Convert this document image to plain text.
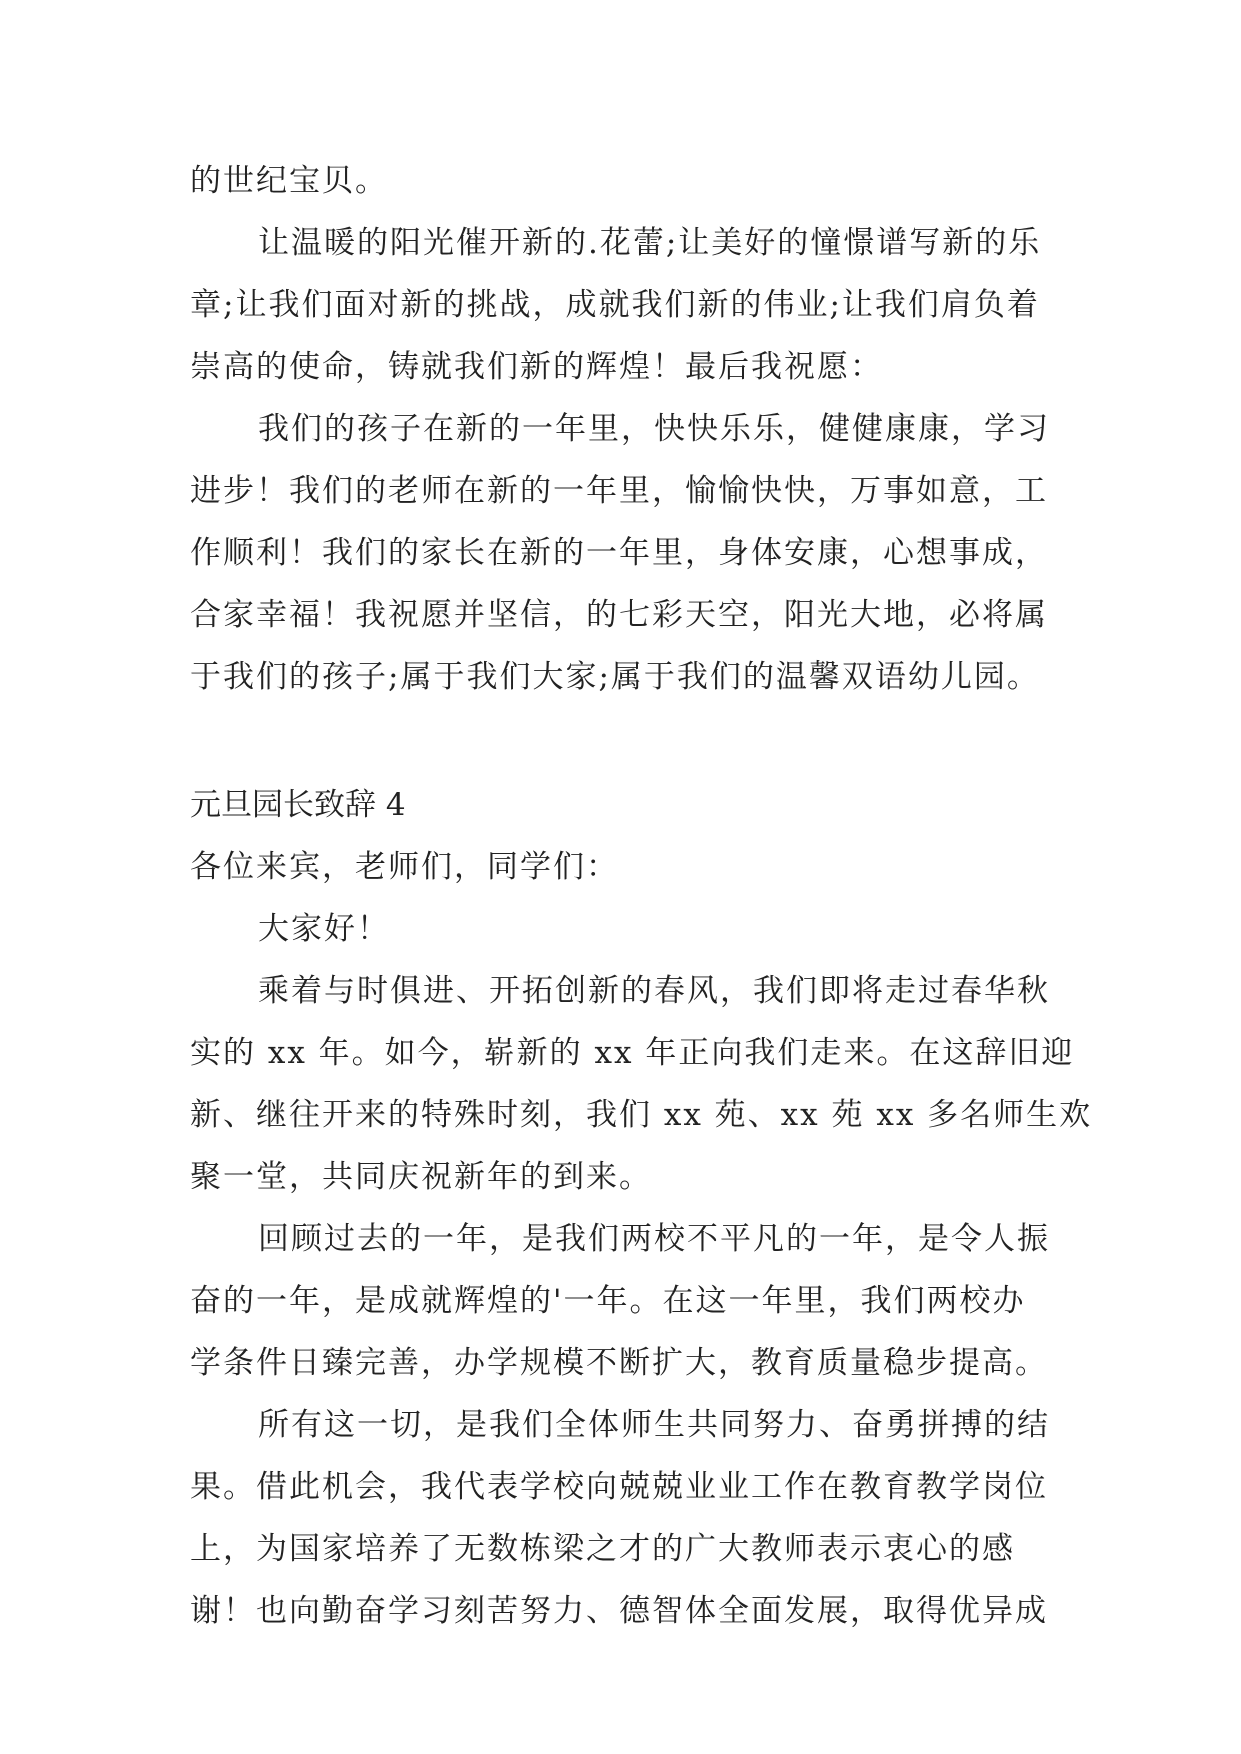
的世纪宝贝。
让温暖的阳光催开新的.花蕾;让美好的憧憬谱写新的乐
章;让我们面对新的挑战，成就我们新的伟业;让我们肩负着
崇高的使命，铸就我们新的辉煌！最后我祝愿：
我们的孩子在新的一年里，快快乐乐，健健康康，学习
进步！我们的老师在新的一年里，愉愉快快，万事如意，工
作顺利！我们的家长在新的一年里，身体安康，心想事成，
合家幸福！我祝愿并坚信，的七彩天空，阳光大地，必将属
于我们的孩子;属于我们大家;属于我们的温馨双语幼儿园。
元旦园长致辞 4
各位来宾，老师们，同学们：
大家好！
乘着与时俱进、开拓创新的春风，我们即将走过春华秋
实的 xx 年。如今，崭新的 xx 年正向我们走来。在这辞旧迎
新、继往开来的特殊时刻，我们 xx 苑、xx 苑 xx 多名师生欢
聚一堂，共同庆祝新年的到来。
回顾过去的一年，是我们两校不平凡的一年，是令人振
奋的一年，是成就辉煌的'一年。在这一年里，我们两校办
学条件日臻完善，办学规模不断扩大，教育质量稳步提高。
所有这一切，是我们全体师生共同努力、奋勇拼搏的结
果。借此机会，我代表学校向兢兢业业工作在教育教学岗位
上，为国家培养了无数栋梁之才的广大教师表示衷心的感
谢！也向勤奋学习刻苦努力、德智体全面发展，取得优异成
